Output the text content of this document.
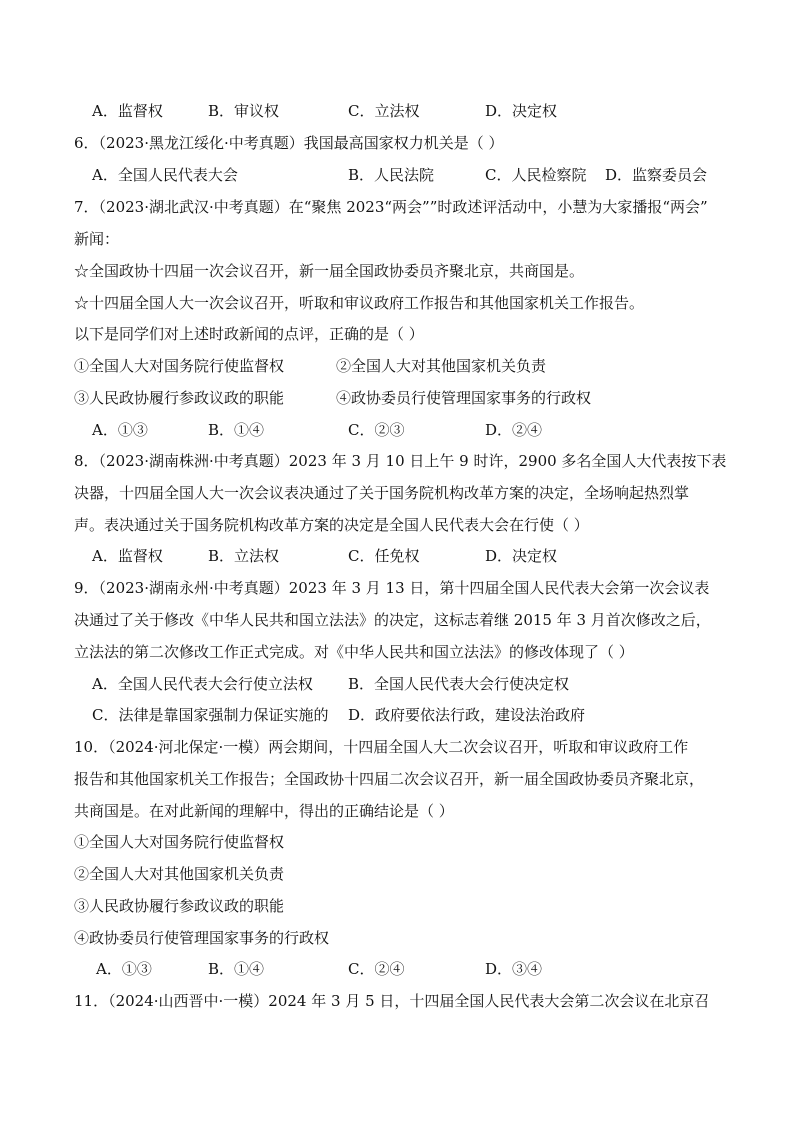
A．监督权	B．审议权	C．立法权	D．决定权
6．（2023·黑龙江绥化·中考真题）我国最高国家权力机关是（ ）
A．全国人民代表大会	B．人民法院	C．人民检察院 D．监察委员会
7．（2023·湖北武汉·中考真题）在“聚焦 2023“两会””时政述评活动中，小慧为大家播报“两会”
新闻：
☆全国政协十四届一次会议召开，新一届全国政协委员齐聚北京，共商国是。
☆十四届全国人大一次会议召开，听取和审议政府工作报告和其他国家机关工作报告。
以下是同学们对上述时政新闻的点评，正确的是（ ）
①全国人大对国务院行使监督权	②全国人大对其他国家机关负责
③人民政协履行参政议政的职能	④政协委员行使管理国家事务的行政权
A．①③	B．①④	C．②③	D．②④
8．（2023·湖南株洲·中考真题）2023 年 3 月 10 日上午 9 时许，2900 多名全国人大代表按下表
决器，十四届全国人大一次会议表决通过了关于国务院机构改革方案的决定，全场响起热烈掌
声。表决通过关于国务院机构改革方案的决定是全国人民代表大会在行使（ ）
A．监督权	B．立法权	C．任免权	D．决定权
9．（2023·湖南永州·中考真题）2023 年 3 月 13 日，第十四届全国人民代表大会第一次会议表
决通过了关于修改《中华人民共和国立法法》的决定，这标志着继 2015 年 3 月首次修改之后，
立法法的第二次修改工作正式完成。对《中华人民共和国立法法》的修改体现了（ ）
A．全国人民代表大会行使立法权 B．全国人民代表大会行使决定权
C．法律是靠国家强制力保证实施的 D．政府要依法行政，建设法治政府
10．（2024·河北保定·一模）两会期间，十四届全国人大二次会议召开，听取和审议政府工作
报告和其他国家机关工作报告；全国政协十四届二次会议召开，新一届全国政协委员齐聚北京，
共商国是。在对此新闻的理解中，得出的正确结论是（ ）
①全国人大对国务院行使监督权
②全国人大对其他国家机关负责
③人民政协履行参政议政的职能
④政协委员行使管理国家事务的行政权
A．①③	B．①④	C．②④	D．③④
11．（2024·山西晋中·一模）2024 年 3 月 5 日，十四届全国人民代表大会第二次会议在北京召
